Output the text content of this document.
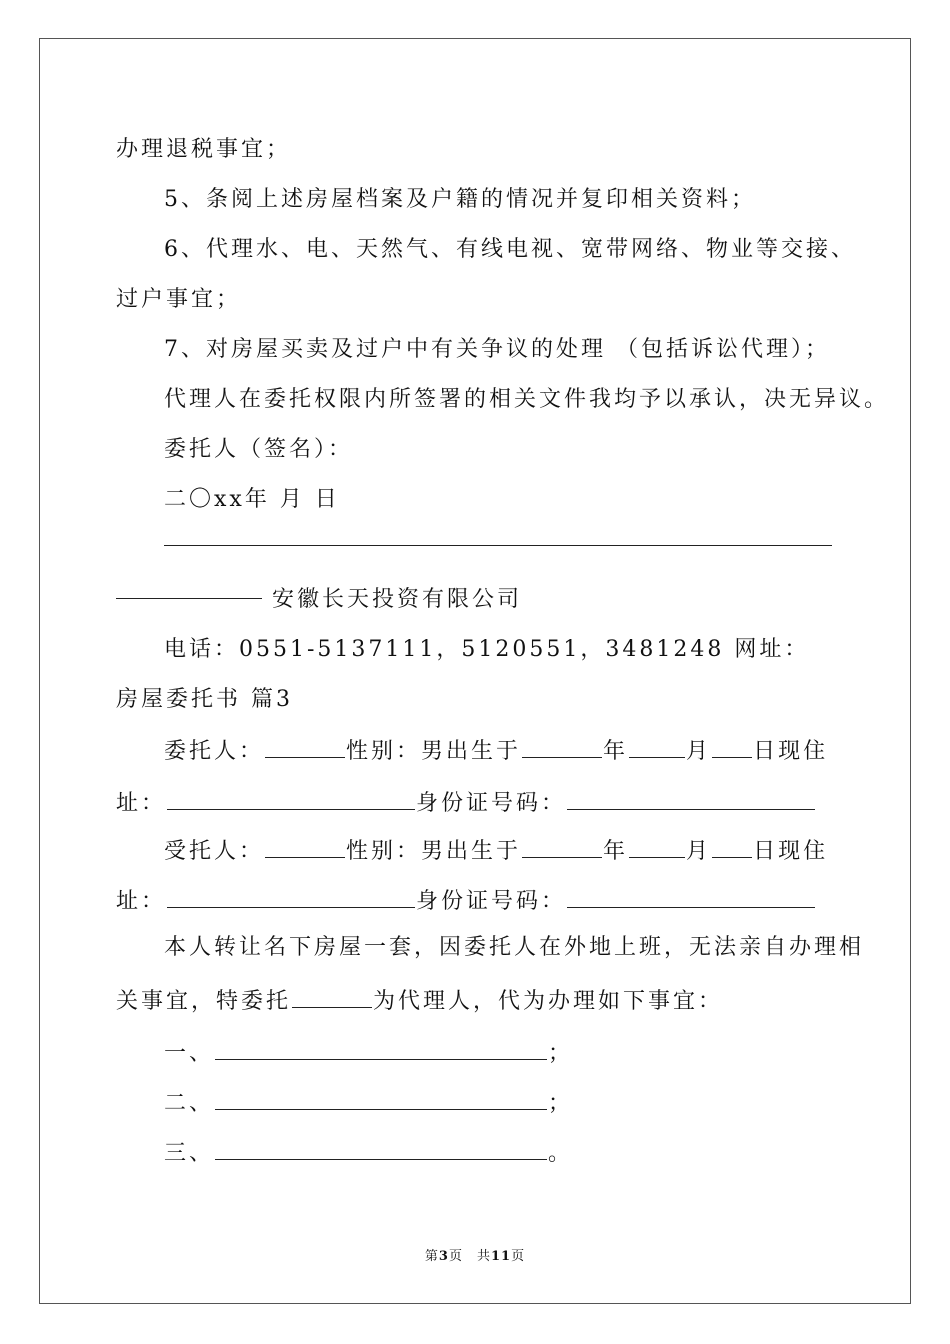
办理退税事宜；
5、条阅上述房屋档案及户籍的情况并复印相关资料；
6、代理水、电、天然气、有线电视、宽带网络、物业等交接、
过户事宜；
7、对房屋买卖及过户中有关争议的处理 （包括诉讼代理）；
代理人在委托权限内所签署的相关文件我均予以承认，决无异议。
委托人（签名）：
二〇xx年 月 日
安徽长天投资有限公司
电话：0551-5137111，5120551，3481248 网址：
房屋委托书 篇3
委托人：	性别：男出生于	年	月 日现住
址：	身份证号码：
受托人：	性别：男出生于	年	月 日现住
址：	身份证号码：
本人转让名下房屋一套，因委托人在外地上班，无法亲自办理相
关事宜，特委托	为代理人，代为办理如下事宜：
一、	；
二、	；
三、	。
第3页　共11页
